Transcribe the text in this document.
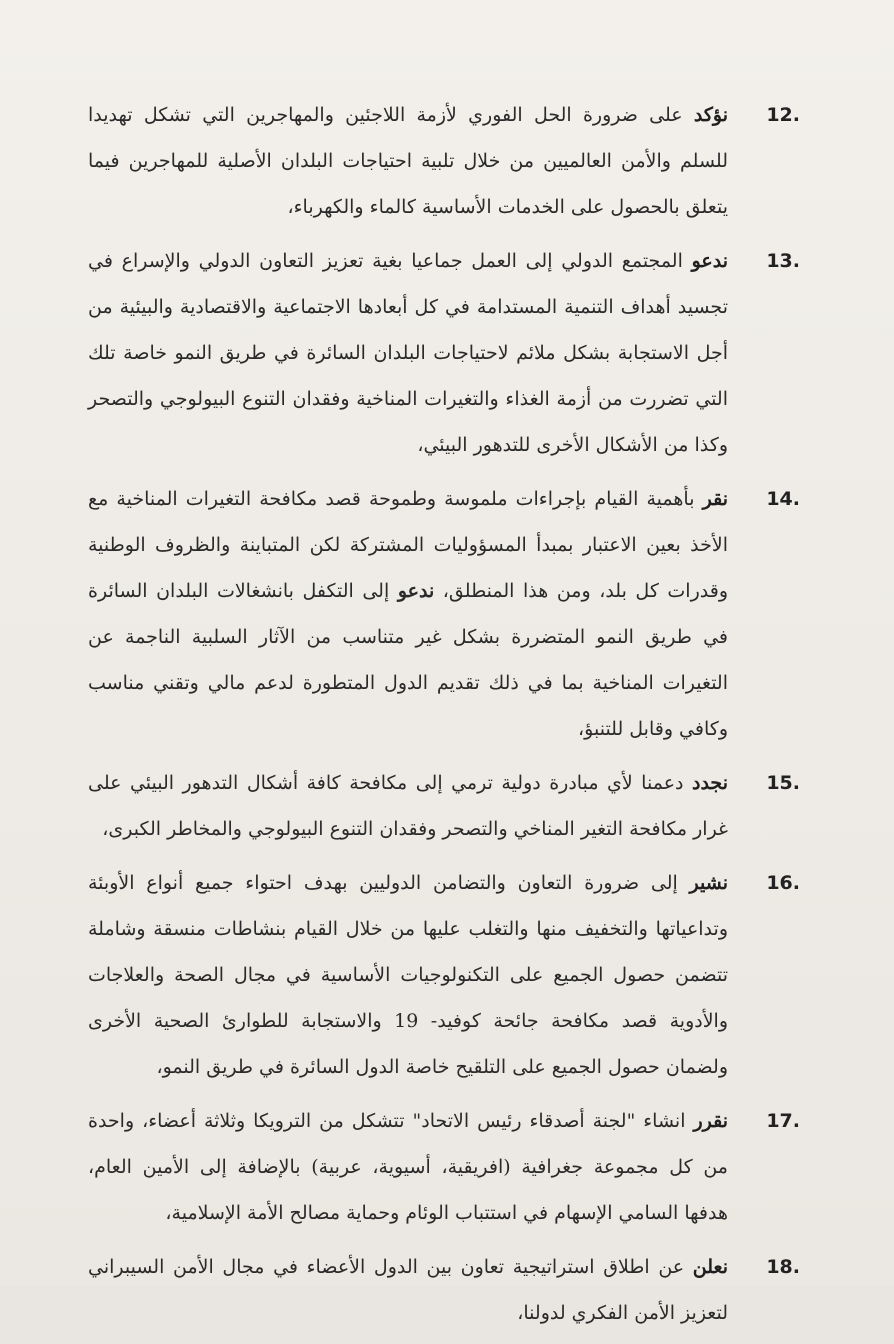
12.
نؤكد على ضرورة الحل الفوري لأزمة اللاجئين والمهاجرين التي تشكل تهديدا للسلم والأمن العالميين من خلال تلبية احتياجات البلدان الأصلية للمهاجرين فيما يتعلق بالحصول على الخدمات الأساسية كالماء والكهرباء،
13.
ندعو المجتمع الدولي إلى العمل جماعيا بغية تعزيز التعاون الدولي والإسراع في تجسيد أهداف التنمية المستدامة في كل أبعادها الاجتماعية والاقتصادية والبيئية من أجل الاستجابة بشكل ملائم لاحتياجات البلدان السائرة في طريق النمو خاصة تلك التي تضررت من أزمة الغذاء والتغيرات المناخية وفقدان التنوع البيولوجي والتصحر وكذا من الأشكال الأخرى للتدهور البيئي،
14.
نقر بأهمية القيام بإجراءات ملموسة وطموحة قصد مكافحة التغيرات المناخية مع الأخذ بعين الاعتبار بمبدأ المسؤوليات المشتركة لكن المتباينة والظروف الوطنية وقدرات كل بلد، ومن هذا المنطلق، ندعو إلى التكفل بانشغالات البلدان السائرة في طريق النمو المتضررة بشكل غير متناسب من الآثار السلبية الناجمة عن التغيرات المناخية بما في ذلك تقديم الدول المتطورة لدعم مالي وتقني مناسب وكافي وقابل للتنبؤ،
15.
نجدد دعمنا لأي مبادرة دولية ترمي إلى مكافحة كافة أشكال التدهور البيئي على غرار مكافحة التغير المناخي والتصحر وفقدان التنوع البيولوجي والمخاطر الكبرى،
16.
نشير إلى ضرورة التعاون والتضامن الدوليين بهدف احتواء جميع أنواع الأوبئة وتداعياتها والتخفيف منها والتغلب عليها من خلال القيام بنشاطات منسقة وشاملة تتضمن حصول الجميع على التكنولوجيات الأساسية في مجال الصحة والعلاجات والأدوية قصد مكافحة جائحة كوفيد- 19 والاستجابة للطوارئ الصحية الأخرى ولضمان حصول الجميع على التلقيح خاصة الدول السائرة في طريق النمو،
17.
نقرر انشاء "لجنة أصدقاء رئيس الاتحاد" تتشكل من الترويكا وثلاثة أعضاء، واحدة من كل مجموعة جغرافية (افريقية، أسيوية، عربية) بالإضافة إلى الأمين العام، هدفها السامي الإسهام في استتباب الوئام وحماية مصالح الأمة الإسلامية،
18.
نعلن عن اطلاق استراتيجية تعاون بين الدول الأعضاء في مجال الأمن السيبراني لتعزيز الأمن الفكري لدولنا،
